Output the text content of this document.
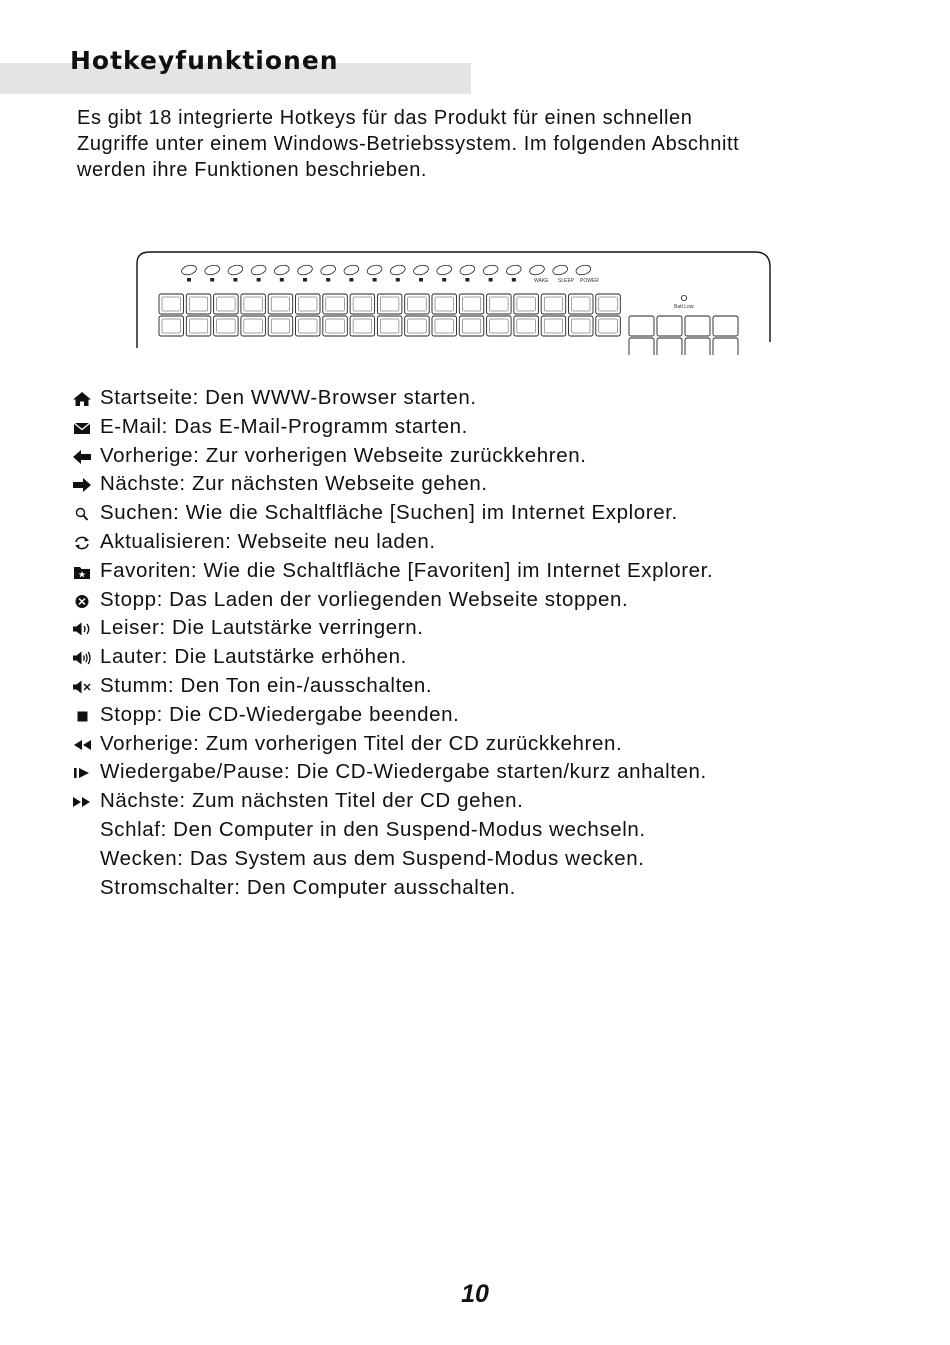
Hotkeyfunktionen

Es gibt 18 integrierte Hotkeys für das Produkt für einen schnellen
Zugriffe unter einem Windows-Betriebssystem. Im folgenden Abschnitt
werden ihre Funktionen beschrieben.

WAKE SLEEP POWER
Batt.Low
Startseite: Den WWW-Browser starten.
E-Mail: Das E-Mail-Programm starten.
Vorherige: Zur vorherigen Webseite zurückkehren.
Nächste: Zur nächsten Webseite gehen.
Suchen: Wie die Schaltfläche [Suchen] im Internet Explorer.
Aktualisieren: Webseite neu laden.
Favoriten: Wie die Schaltfläche [Favoriten] im Internet Explorer.
Stopp: Das Laden der vorliegenden Webseite stoppen.
Leiser: Die Lautstärke verringern.
Lauter: Die Lautstärke erhöhen.
Stumm: Den Ton ein-/ausschalten.
Stopp: Die CD-Wiedergabe beenden.
Vorherige: Zum vorherigen Titel der CD zurückkehren.
Wiedergabe/Pause: Die CD-Wiedergabe starten/kurz anhalten.
Nächste: Zum nächsten Titel der CD gehen.
Schlaf: Den Computer in den Suspend-Modus wechseln.
Wecken: Das System aus dem Suspend-Modus wecken.
Stromschalter: Den Computer ausschalten.

10
